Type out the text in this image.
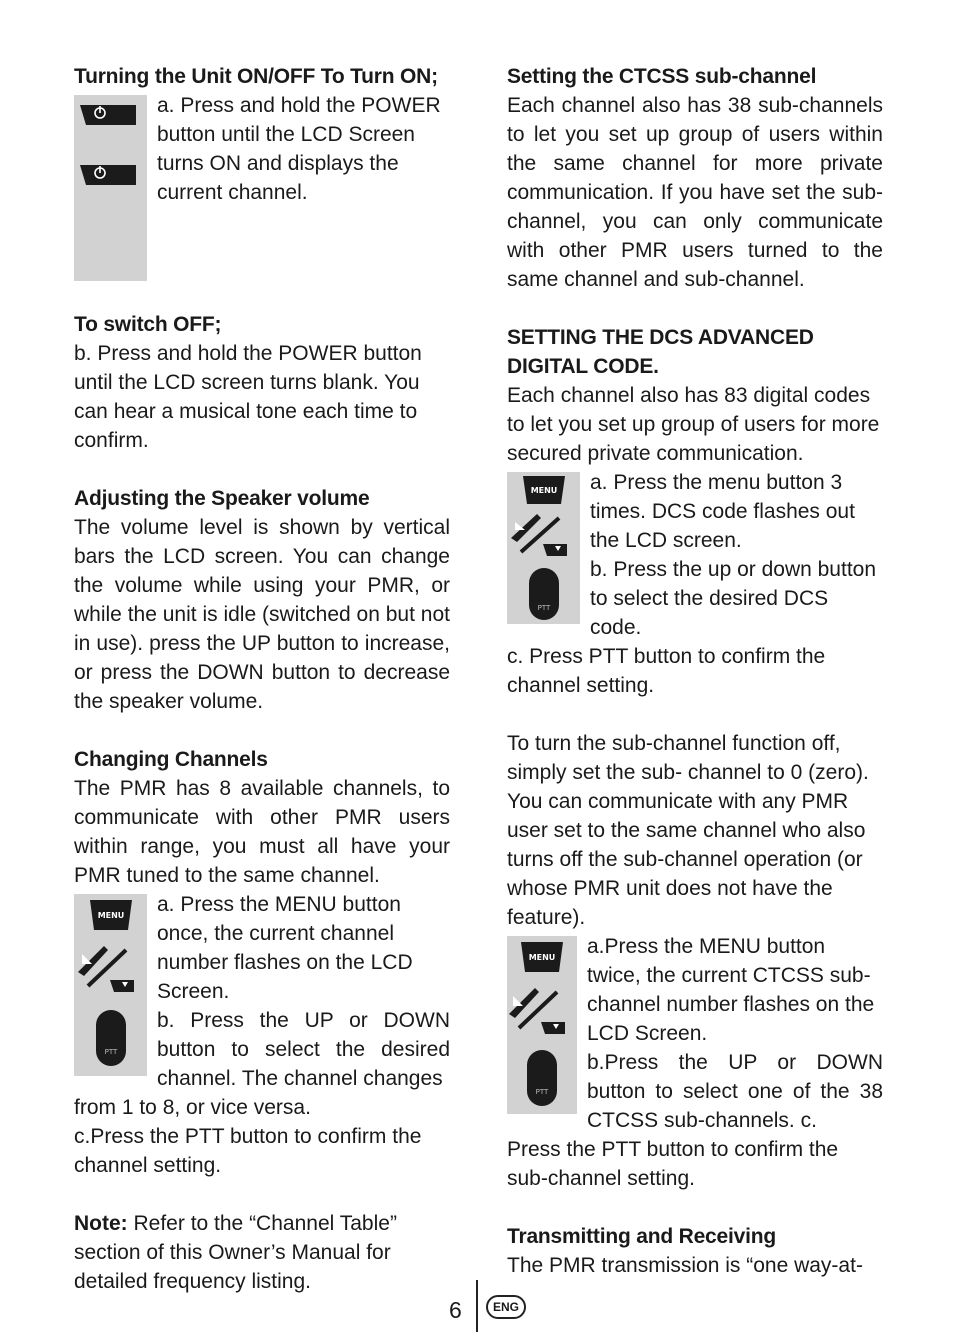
Turning the Unit ON/OFF To Turn ON;

a. Press and hold the POWER button until the LCD Screen turns ON and displays the current channel.

To switch OFF;

b. Press and hold the POWER button until the LCD screen turns blank. You can hear a musical tone each time to confirm.

Adjusting the Speaker volume

The volume level is shown by vertical bars the LCD screen. You can change the volume while using your PMR, or while the unit is idle (switched on but not in use). press the UP button to increase, or press the DOWN button to decrease the speaker volume.

Changing Channels

The PMR has 8 available channels, to communicate with other PMR users within range, you must all have your PMR tuned to the same channel.

MENU
PTT

a. Press the MENU button once, the current channel number flashes on the LCD Screen.

b. Press the UP or DOWN button to select the desired channel. The channel changes

from 1 to 8, or vice versa.

c.Press the PTT button to confirm the channel setting.

Note: Refer to the “Channel Table” section of this Owner’s Manual for detailed frequency listing.

Setting the CTCSS sub-channel

Each channel also has 38 sub-channels to let you set up group of users within the same channel for more private communication. If you have set the sub-channel, you can only communicate with other PMR users turned to the same channel and sub-channel.

SETTING THE DCS ADVANCED DIGITAL CODE.

Each channel also has 83 digital codes to let you set up group of users for more secured private communication.

MENU
PTT

a. Press the menu button 3 times. DCS code flashes out the LCD screen.

b. Press the up or down button to select the desired DCS code.

c. Press PTT button to confirm the channel setting.

To turn the sub-channel function off, simply set the sub- channel to 0 (zero). You can communicate with any PMR user set to the same channel who also turns off the sub-channel operation (or whose PMR unit does not have the feature).

MENU
PTT

a.Press the MENU button twice, the current CTCSS sub-channel number flashes on the LCD Screen.

b.Press the UP or DOWN button to select one of the 38 CTCSS sub-channels. c.

Press the PTT button to confirm the sub-channel setting.

Transmitting and Receiving

The PMR transmission is “one way-at-

6	ENG
